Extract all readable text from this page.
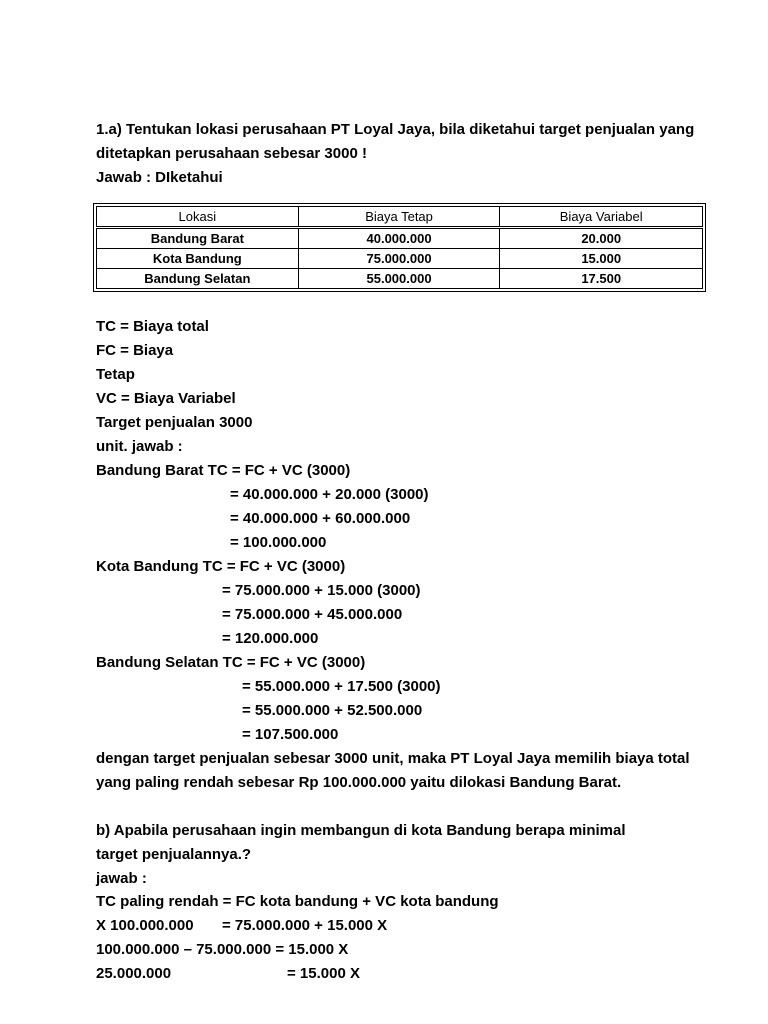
1.a) Tentukan lokasi perusahaan PT Loyal Jaya, bila diketahui target penjualan yang
ditetapkan perusahaan sebesar 3000 !
Jawab : DIketahui
Lokasi	Biaya Tetap	Biaya Variabel
Bandung Barat	40.000.000	20.000
Kota Bandung	75.000.000	15.000
Bandung Selatan	55.000.000	17.500
TC = Biaya total
FC = Biaya
Tetap
VC = Biaya Variabel
Target penjualan 3000
unit. jawab :
Bandung Barat TC = FC + VC (3000)
= 40.000.000 + 20.000 (3000)
= 40.000.000 + 60.000.000
= 100.000.000
Kota Bandung TC = FC + VC (3000)
= 75.000.000 + 15.000 (3000)
= 75.000.000 + 45.000.000
= 120.000.000
Bandung Selatan TC = FC + VC (3000)
= 55.000.000 + 17.500 (3000)
= 55.000.000 + 52.500.000
= 107.500.000
dengan target penjualan sebesar 3000 unit, maka PT Loyal Jaya memilih biaya total
yang paling rendah sebesar Rp 100.000.000 yaitu dilokasi Bandung Barat.
b) Apabila perusahaan ingin membangun di kota Bandung berapa minimal
target penjualannya.?
jawab :
TC paling rendah = FC kota bandung + VC kota bandung
X 100.000.000 = 75.000.000 + 15.000 X
100.000.000 – 75.000.000 = 15.000 X
25.000.000	= 15.000 X
